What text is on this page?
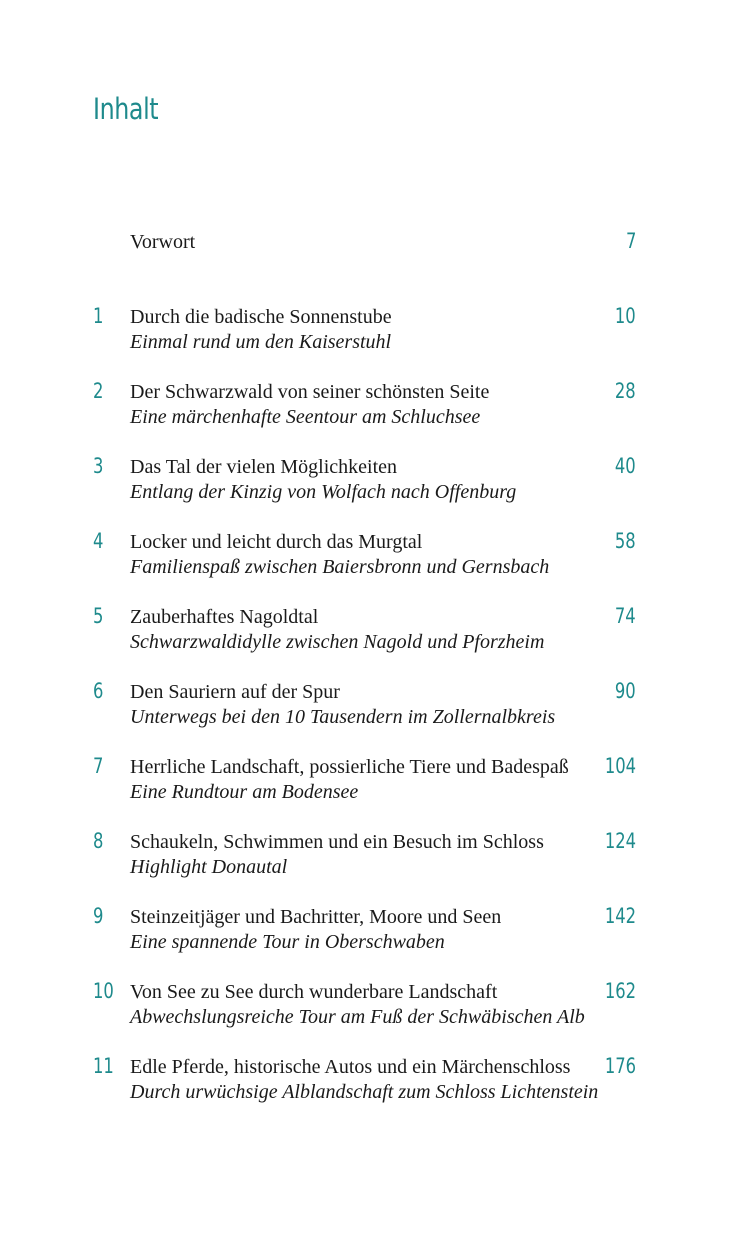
Inhalt
Vorwort	7
1 Durch die badische Sonnenstube
Einmal rund um den Kaiserstuhl
10
2 Der Schwarzwald von seiner schönsten Seite
Eine märchenhafte Seentour am Schluchsee
28
3 Das Tal der vielen Möglichkeiten
Entlang der Kinzig von Wolfach nach Offenburg
40
4 Locker und leicht durch das Murgtal
Familienspaß zwischen Baiersbronn und Gernsbach
58
5 Zauberhaftes Nagoldtal
Schwarzwaldidylle zwischen Nagold und Pforzheim
74
6 Den Sauriern auf der Spur
Unterwegs bei den 10 Tausendern im Zollernalbkreis
90
7 Herrliche Landschaft, possierliche Tiere und Badespaß
Eine Rundtour am Bodensee
104
8 Schaukeln, Schwimmen und ein Besuch im Schloss
Highlight Donautal
124
9 Steinzeitjäger und Bachritter, Moore und Seen
Eine spannende Tour in Oberschwaben
142
10 Von See zu See durch wunderbare Landschaft
Abwechslungsreiche Tour am Fuß der Schwäbischen Alb
162
11 Edle Pferde, historische Autos und ein Märchenschloss
Durch urwüchsige Alblandschaft zum Schloss Lichtenstein
176
